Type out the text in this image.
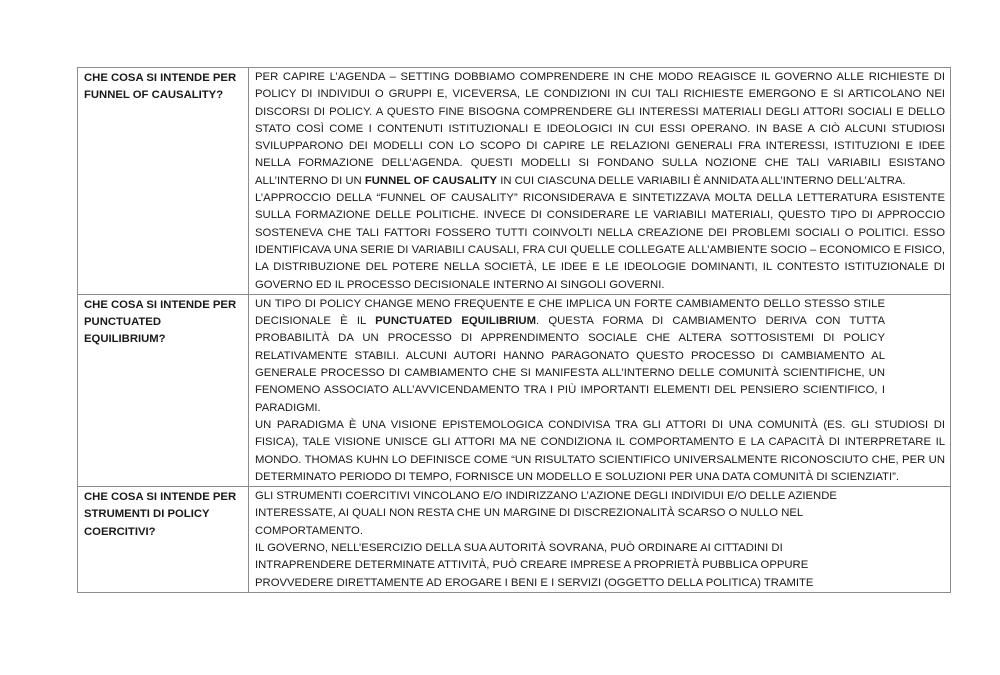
CHE COSA SI INTENDE PER FUNNEL OF CAUSALITY?	PER CAPIRE L’AGENDA – SETTING DOBBIAMO COMPRENDERE IN CHE MODO REAGISCE IL GOVERNO ALLE RICHIESTE DI POLICY DI INDIVIDUI O GRUPPI E, VICEVERSA, LE CONDIZIONI IN CUI TALI RICHIESTE EMERGONO E SI ARTICOLANO NEI DISCORSI DI POLICY. A QUESTO FINE BISOGNA COMPRENDERE GLI INTERESSI MATERIALI DEGLI ATTORI SOCIALI E DELLO STATO COSÌ COME I CONTENUTI ISTITUZIONALI E IDEOLOGICI IN CUI ESSI OPERANO. IN BASE A CIÒ ALCUNI STUDIOSI SVILUPPARONO DEI MODELLI CON LO SCOPO DI CAPIRE LE RELAZIONI GENERALI FRA INTERESSI, ISTITUZIONI E IDEE NELLA FORMAZIONE DELL’AGENDA. QUESTI MODELLI SI FONDANO SULLA NOZIONE CHE TALI VARIABILI ESISTANO ALL’INTERNO DI UN FUNNEL OF CAUSALITY IN CUI CIASCUNA DELLE VARIABILI È ANNIDATA ALL’INTERNO DELL’ALTRA.

L’APPROCCIO DELLA “FUNNEL OF CAUSALITY” RICONSIDERAVA E SINTETIZZAVA MOLTA DELLA LETTERATURA ESISTENTE SULLA FORMAZIONE DELLE POLITICHE. INVECE DI CONSIDERARE LE VARIABILI MATERIALI, QUESTO TIPO DI APPROCCIO SOSTENEVA CHE TALI FATTORI FOSSERO TUTTI COINVOLTI NELLA CREAZIONE DEI PROBLEMI SOCIALI O POLITICI. ESSO IDENTIFICAVA UNA SERIE DI VARIABILI CAUSALI, FRA CUI QUELLE COLLEGATE ALL’AMBIENTE SOCIO – ECONOMICO E FISICO, LA DISTRIBUZIONE DEL POTERE NELLA SOCIETÀ, LE IDEE E LE IDEOLOGIE DOMINANTI, IL CONTESTO ISTITUZIONALE DI GOVERNO ED IL PROCESSO DECISIONALE INTERNO AI SINGOLI GOVERNI.

CHE COSA SI INTENDE PER PUNCTUATED EQUILIBRIUM?	UN TIPO DI POLICY CHANGE MENO FREQUENTE E CHE IMPLICA UN FORTE CAMBIAMENTO DELLO STESSO STILE DECISIONALE È IL PUNCTUATED EQUILIBRIUM. QUESTA FORMA DI CAMBIAMENTO DERIVA CON TUTTA PROBABILITÀ DA UN PROCESSO DI APPRENDIMENTO SOCIALE CHE ALTERA SOTTOSISTEMI DI POLICY RELATIVAMENTE STABILI. ALCUNI AUTORI HANNO PARAGONATO QUESTO PROCESSO DI CAMBIAMENTO AL GENERALE PROCESSO DI CAMBIAMENTO CHE SI MANIFESTA ALL’INTERNO DELLE COMUNITÀ SCIENTIFICHE, UN FENOMENO ASSOCIATO ALL’AVVICENDAMENTO TRA I PIÙ IMPORTANTI ELEMENTI DEL PENSIERO SCIENTIFICO, I PARADIGMI.

UN PARADIGMA È UNA VISIONE EPISTEMOLOGICA CONDIVISA TRA GLI ATTORI DI UNA COMUNITÀ (ES. GLI STUDIOSI DI FISICA), TALE VISIONE UNISCE GLI ATTORI MA NE CONDIZIONA IL COMPORTAMENTO E LA CAPACITÀ DI INTERPRETARE IL MONDO. THOMAS KUHN LO DEFINISCE COME “UN RISULTATO SCIENTIFICO UNIVERSALMENTE RICONOSCIUTO CHE, PER UN DETERMINATO PERIODO DI TEMPO, FORNISCE UN MODELLO E SOLUZIONI PER UNA DATA COMUNITÀ DI SCIENZIATI”.

CHE COSA SI INTENDE PER STRUMENTI DI POLICY COERCITIVI?	GLI STRUMENTI COERCITIVI VINCOLANO E/O INDIRIZZANO L’AZIONE DEGLI INDIVIDUI E/O DELLE AZIENDE INTERESSATE, AI QUALI NON RESTA CHE UN MARGINE DI DISCREZIONALITÀ SCARSO O NULLO NEL COMPORTAMENTO.

IL GOVERNO, NELL’ESERCIZIO DELLA SUA AUTORITÀ SOVRANA, PUÒ ORDINARE AI CITTADINI DI INTRAPRENDERE DETERMINATE ATTIVITÀ, PUÒ CREARE IMPRESE A PROPRIETÀ PUBBLICA OPPURE PROVVEDERE DIRETTAMENTE AD EROGARE I BENI E I SERVIZI (OGGETTO DELLA POLITICA) TRAMITE
